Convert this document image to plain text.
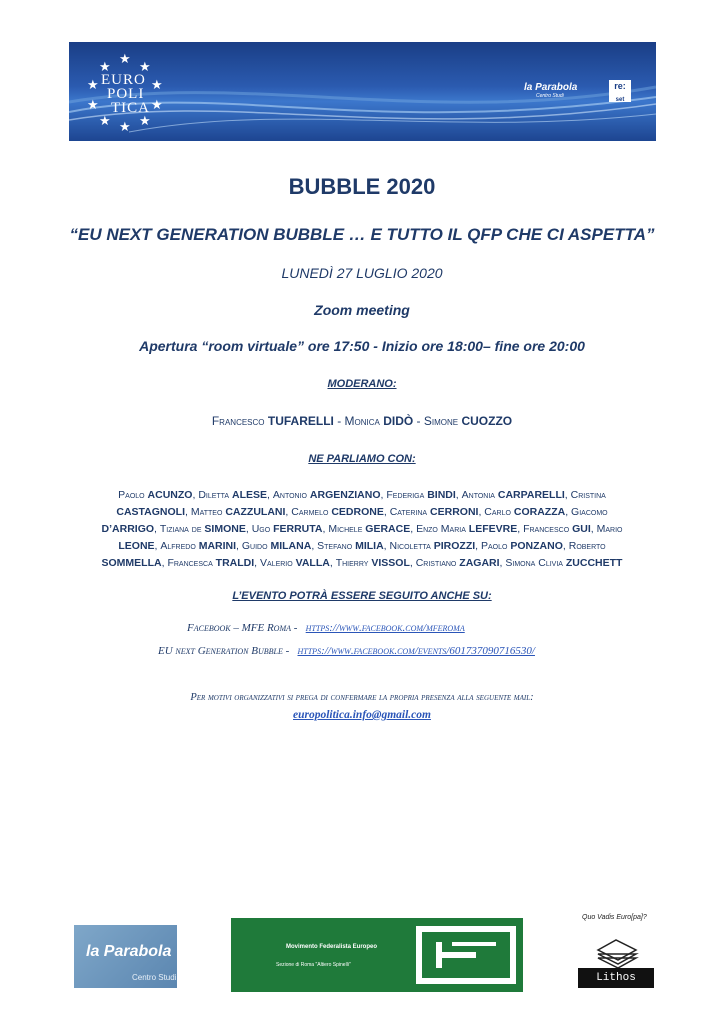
★
★ ★
★	★
★	★
★ ★
★
EURO
POLI
TICA
la Parabola
Centro Studi
re:
set
BUBBLE 2020
“EU NEXT GENERATION BUBBLE … E TUTTO IL QFP CHE CI ASPETTA”
LUNEDÌ 27 LUGLIO 2020
Zoom meeting
Apertura “room virtuale” ore 17:50 - Inizio ore 18:00– fine ore 20:00
MODERANO:
Francesco TUFARELLI - Monica DIDÒ - Simone CUOZZO
NE PARLIAMO CON:
Paolo ACUNZO, Diletta ALESE, Antonio ARGENZIANO, Federiga BINDI, Antonia CARPARELLI, Cristina CASTAGNOLI, Matteo CAZZULANI, Carmelo CEDRONE, Caterina CERRONI, Carlo CORAZZA, Giacomo D’ARRIGO, Tiziana de SIMONE, Ugo FERRUTA, Michele GERACE, Enzo Maria LEFEVRE, Francesco GUI, Mario LEONE, Alfredo MARINI, Guido MILANA, Stefano MILIA, Nicoletta PIROZZI, Paolo PONZANO, Roberto SOMMELLA, Francesca TRALDI, Valerio VALLA, Thierry VISSOL, Cristiano ZAGARI, Simona Clivia ZUCCHETT
L’EVENTO POTRÀ ESSERE SEGUITO ANCHE SU:
Facebook – MFE Roma - https://www.facebook.com/mferoma
EU next Generation Bubble - https://www.facebook.com/events/601737090716530/
Per motivi organizzativi si prega di confermare la propria presenza alla seguente mail:
europolitica.info@gmail.com
la Parabola
Centro Studi
Movimento Federalista Europeo
Sezione di Roma "Altiero Spinelli"
Quo Vadis Euro[pa]?
Lithos
